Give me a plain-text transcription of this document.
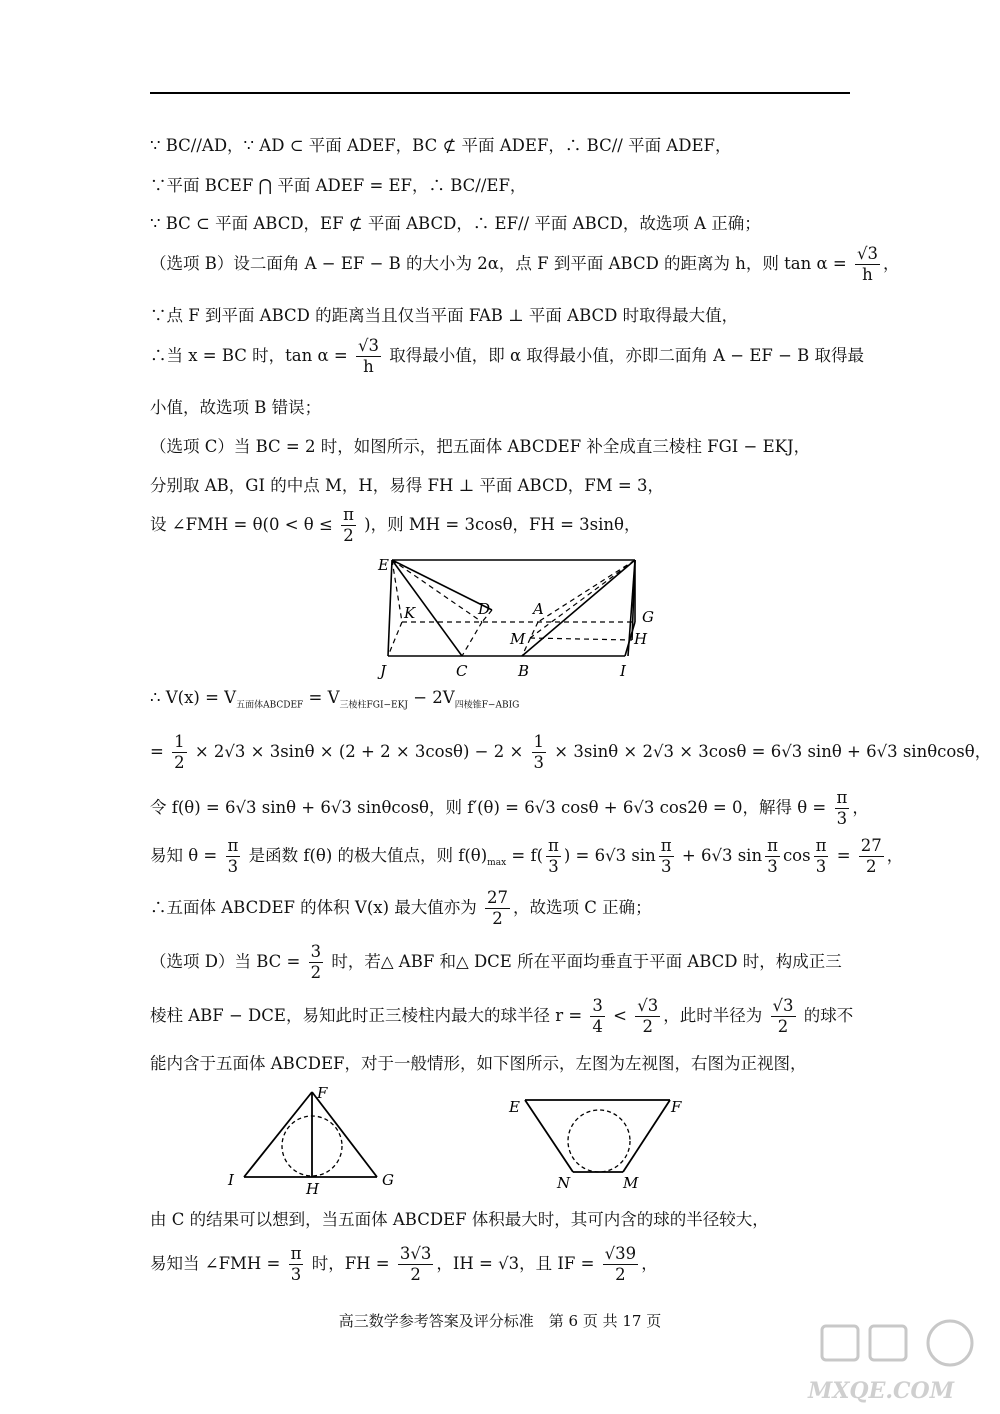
∵ BC//AD，∵ AD ⊂ 平面 ADEF，BC ⊄ 平面 ADEF，∴ BC// 平面 ADEF，
∵平面 BCEF ⋂ 平面 ADEF = EF，∴ BC//EF，
∵ BC ⊂ 平面 ABCD，EF ⊄ 平面 ABCD，∴ EF// 平面 ABCD，故选项 A 正确；
（选项 B）设二面角 A − EF − B 的大小为 2α，点 F 到平面 ABCD 的距离为 h，则 $\tan \alpha = \frac{√3}{h}$ ，
∵点 F 到平面 ABCD 的距离当且仅当平面 FAB ⊥ 平面 ABCD 时取得最大值，
∴当 x = BC 时，$\tan \alpha = \frac{√3}{h}$ 取得最小值，即 α 取得最小值，亦即二面角 A − EF − B 取得最
小值，故选项 B 错误；
（选项 C）当 BC = 2 时，如图所示，把五面体 ABCDEF 补全成直三棱柱 FGI − EKJ，
分别取 AB，GI 的中点 M，H，易得 FH ⊥ 平面 ABCD，FM = 3，
设 ∠FMH = $\theta(0 < \theta \le \frac{\pi}{2}$ )，则 MH = 3cosθ，FH = 3sinθ，
E
K	D	A	G
M	H
J	C	B	I
∴ $V(x) = V_{五面体ABCDEF} = V_{三棱柱FGI-EKJ} - 2V_{四棱锥F-ABIG}$
= $\frac{1}{2} \times 2√3 \times 3\sin\theta \times (2 + 2 \times 3\cos\theta) - 2 \times \frac{1}{3} \times 3\sin\theta \times 2√3 \times 3\cos\theta = 6√3$ sinθ + 6√3 sinθcosθ，
令 f(θ) = 6√3 sinθ + 6√3 sinθcosθ，则 f′(θ) = 6√3 cosθ + 6√3 cos2θ = 0，解得 $\theta = \frac{\pi}{3}$ ，
易知 $\theta = \frac{\pi}{3}$ 是函数 f(θ) 的极大值点，则 $f(\theta)_{max} = f( \frac{\pi}{3}$ ) = 6√3 $\sin \frac{\pi}{3} + 6√3$ $\sin \frac{\pi}{3}$ $\cos \frac{\pi}{3} = \frac{27}{2}$ ，
∴五面体 ABCDEF 的体积 V(x) 最大值亦为 $\frac{27}{2}$ ，故选项 C 正确；
（选项 D）当 BC = $\frac{3}{2}$ 时，若△ ABF 和△ DCE 所在平面均垂直于平面 ABCD 时，构成正三
棱柱 ABF − DCE，易知此时正三棱柱内最大的球半径 $r = \frac{3}{4} < \frac{√3}{2}$ ，此时半径为 $\frac{√3}{2}$ 的球不
能内含于五面体 ABCDEF，对于一般情形，如下图所示，左图为左视图，右图为正视图，
F
I	H	G
E	F
N	M
由 C 的结果可以想到，当五面体 ABCDEF 体积最大时，其可内含的球的半径较大，
易知当 ∠FMH = $\frac{\pi}{3}$ 时，FH = $\frac{3√3}{2}$ ，IH = √3，且 IF = $\frac{√39}{2}$ ，
高三数学参考答案及评分标准　第 6 页 共 17 页
MXQE.COM
